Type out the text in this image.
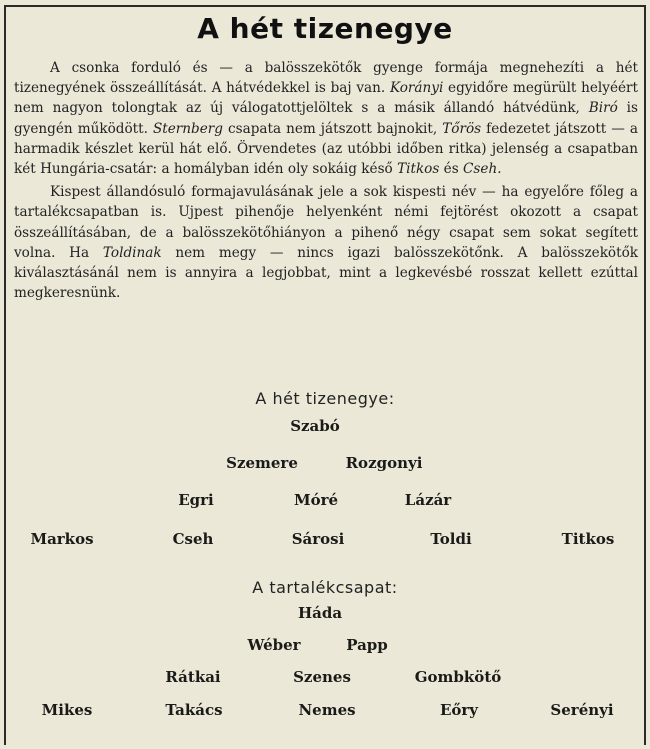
A hét tizenegye

A csonka forduló és — a balösszekötők gyenge formája megnehezíti a hét tizenegyének összeállítását. A hátvédekkel is baj van. Korányi egyidőre megürült helyéért nem nagyon tolongtak az új válogatottjelöltek s a másik állandó hátvédünk, Biró is gyengén működött. Sternberg csapata nem játszott bajnokit, Tőrös fedezetet játszott — a harmadik készlet kerül hát elő. Örvendetes (az utóbbi időben ritka) jelenség a csapatban két Hungária-csatár: a homályban idén oly sokáig késő Titkos és Cseh.

Kispest állandósuló formajavulásának jele a sok kispesti név — ha egyelőre főleg a tartalékcsapatban is. Ujpest pihenője helyenként némi fejtörést okozott a csapat összeállításában, de a balösszekötőhiányon a pihenő négy csapat sem sokat segített volna. Ha Toldinak nem megy — nincs igazi balösszekötőnk. A balösszekötők kiválasztásánál nem is annyira a legjobbat, mint a legkevésbé rosszat kellett ezúttal megkeresnünk.

A hét tizenegye:
Szabó
Szemere	Rozgonyi
Egri	Móré	Lázár
Markos	Cseh	Sárosi	Toldi	Titkos
A tartalékcsapat:
Háda
Wéber	Papp
Rátkai	Szenes	Gombkötő
Mikes	Takács	Nemes	Eőry	Serényi
